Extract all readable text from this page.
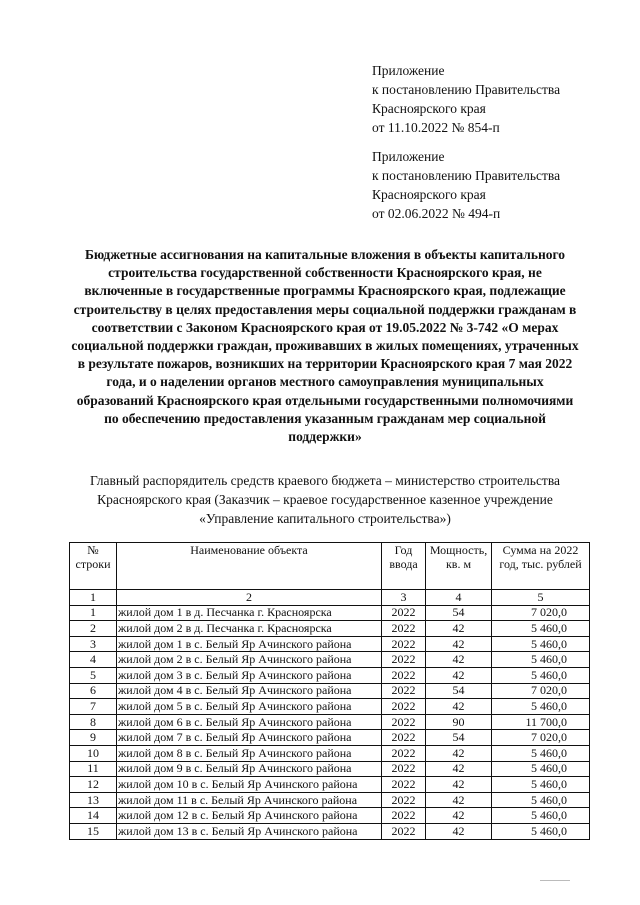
Приложение
к постановлению Правительства
Красноярского края
от 11.10.2022 № 854-п
Приложение
к постановлению Правительства
Красноярского края
от 02.06.2022 № 494-п
Бюджетные ассигнования на капитальные вложения в объекты капитального строительства государственной собственности Красноярского края, не включенные в государственные программы Красноярского края, подлежащие строительству в целях предоставления меры социальной поддержки гражданам в соответствии с Законом Красноярского края от 19.05.2022 № 3-742 «О мерах социальной поддержки граждан, проживавших в жилых помещениях, утраченных в результате пожаров, возникших на территории Красноярского края 7 мая 2022 года, и о наделении органов местного самоуправления муниципальных образований Красноярского края отдельными государственными полномочиями по обеспечению предоставления указанным гражданам мер социальной поддержки»
Главный распорядитель средств краевого бюджета – министерство строительства Красноярского края (Заказчик – краевое государственное казенное учреждение «Управление капитального строительства»)
№ строки	Наименование объекта	Год ввода	Мощность, кв. м	Сумма на 2022 год, тыс. рублей
1	2	3	4	5
1	жилой дом 1 в д. Песчанка г. Красноярска	2022	54	7 020,0
2	жилой дом 2 в д. Песчанка г. Красноярска	2022	42	5 460,0
3	жилой дом 1 в с. Белый Яр Ачинского района	2022	42	5 460,0
4	жилой дом 2 в с. Белый Яр Ачинского района	2022	42	5 460,0
5	жилой дом 3 в с. Белый Яр Ачинского района	2022	42	5 460,0
6	жилой дом 4 в с. Белый Яр Ачинского района	2022	54	7 020,0
7	жилой дом 5 в с. Белый Яр Ачинского района	2022	42	5 460,0
8	жилой дом 6 в с. Белый Яр Ачинского района	2022	90	11 700,0
9	жилой дом 7 в с. Белый Яр Ачинского района	2022	54	7 020,0
10	жилой дом 8 в с. Белый Яр Ачинского района	2022	42	5 460,0
11	жилой дом 9 в с. Белый Яр Ачинского района	2022	42	5 460,0
12	жилой дом 10 в с. Белый Яр Ачинского района	2022	42	5 460,0
13	жилой дом 11 в с. Белый Яр Ачинского района	2022	42	5 460,0
14	жилой дом 12 в с. Белый Яр Ачинского района	2022	42	5 460,0
15	жилой дом 13 в с. Белый Яр Ачинского района	2022	42	5 460,0
